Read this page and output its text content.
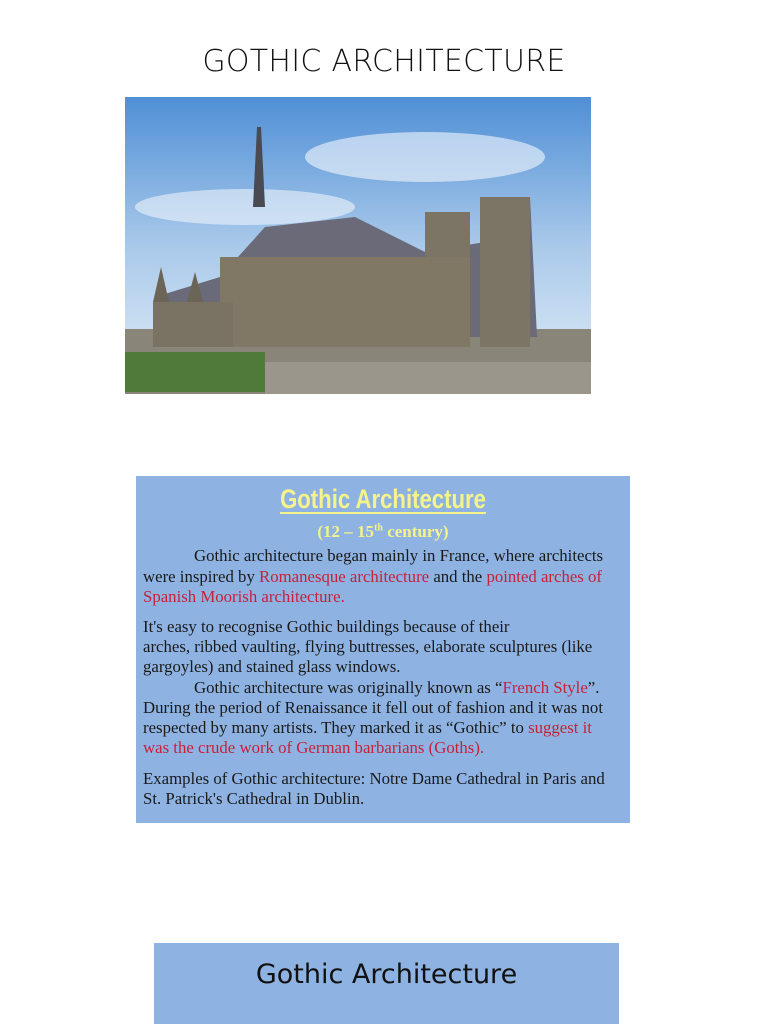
GOTHIC ARCHITECTURE
Gothic Architecture
(12 – 15th century)
Gothic architecture began mainly in France, where architects
were inspired by Romanesque architecture and the pointed arches of
Spanish Moorish architecture.
It's easy to recognise Gothic buildings because of their
arches, ribbed vaulting, flying buttresses, elaborate sculptures (like
gargoyles) and stained glass windows.
Gothic architecture was originally known as “French Style”.
During the period of Renaissance it fell out of fashion and it was not
respected by many artists. They marked it as “Gothic” to suggest it
was the crude work of German barbarians (Goths).
Examples of Gothic architecture: Notre Dame Cathedral in Paris and
St. Patrick's Cathedral in Dublin.
Gothic Architecture
